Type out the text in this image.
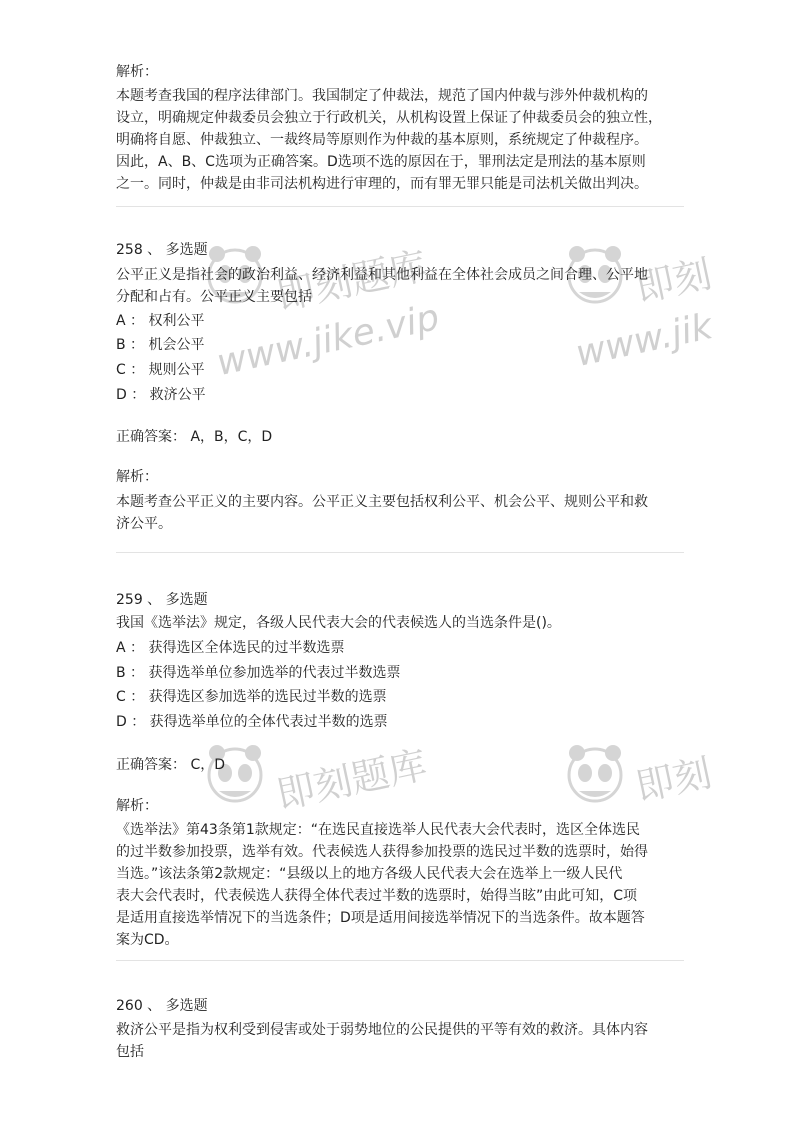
即刻题库
www.jike.vip
即刻
www.jik
即刻题库	即刻
解析：
本题考查我国的程序法律部门。我国制定了仲裁法，规范了国内仲裁与涉外仲裁机构的
设立，明确规定仲裁委员会独立于行政机关，从机构设置上保证了仲裁委员会的独立性，
明确将自愿、仲裁独立、一裁终局等原则作为仲裁的基本原则，系统规定了仲裁程序。
因此，A、B、C选项为正确答案。D选项不选的原因在于，罪刑法定是刑法的基本原则
之一。同时，仲裁是由非司法机构进行审理的，而有罪无罪只能是司法机关做出判决。
258 、 多选题
公平正义是指社会的政治利益、经济利益和其他利益在全体社会成员之间合理、公平地
分配和占有。公平正义主要包括
A ： 权利公平
B ： 机会公平
C ： 规则公平
D ： 救济公平
正确答案： A，B，C，D
解析：
本题考查公平正义的主要内容。公平正义主要包括权利公平、机会公平、规则公平和救
济公平。
259 、 多选题
我国《选举法》规定，各级人民代表大会的代表候选人的当选条件是()。
A ： 获得选区全体选民的过半数选票
B ： 获得选举单位参加选举的代表过半数选票
C ： 获得选区参加选举的选民过半数的选票
D ： 获得选举单位的全体代表过半数的选票
正确答案： C，D
解析：
《选举法》第43条第1款规定：“在选民直接选举人民代表大会代表时，选区全体选民
的过半数参加投票，选举有效。代表候选人获得参加投票的选民过半数的选票时，始得
当选。”该法条第2款规定：“县级以上的地方各级人民代表大会在选举上一级人民代
表大会代表时，代表候选人获得全体代表过半数的选票时，始得当眩”由此可知，C项
是适用直接选举情况下的当选条件；D项是适用间接选举情况下的当选条件。故本题答
案为CD。
260 、 多选题
救济公平是指为权利受到侵害或处于弱势地位的公民提供的平等有效的救济。具体内容
包括
